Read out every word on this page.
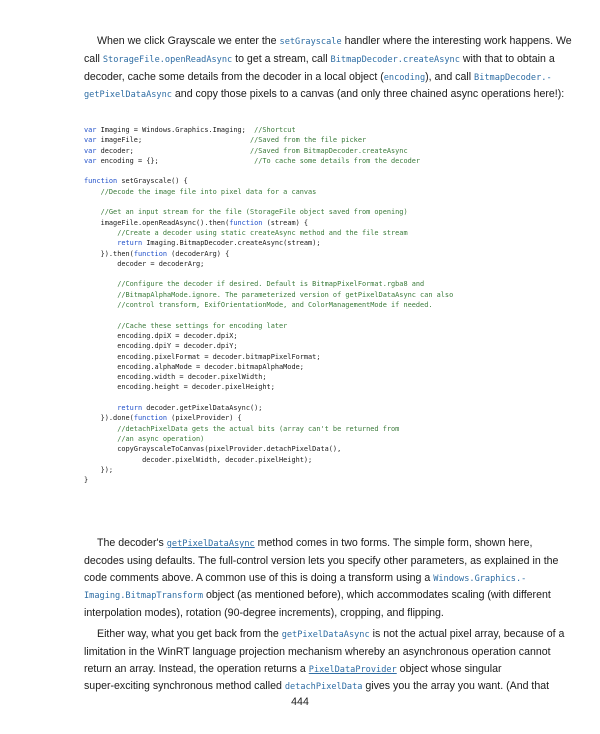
When we click Grayscale we enter the setGrayscale handler where the interesting work happens. We
call StorageFile.openReadAsync to get a stream, call BitmapDecoder.createAsync with that to obtain a
decoder, cache some details from the decoder in a local object (encoding), and call BitmapDecoder.-
getPixelDataAsync and copy those pixels to a canvas (and only three chained async operations here!):
var Imaging = Windows.Graphics.Imaging;  //Shortcut
var imageFile;                          //Saved from the file picker
var decoder;                            //Saved from BitmapDecoder.createAsync
var encoding = {};                       //To cache some details from the decoder
function setGrayscale() {
//Decode the image file into pixel data for a canvas
//Get an input stream for the file (StorageFile object saved from opening)
imageFile.openReadAsync().then(function (stream) {
//Create a decoder using static createAsync method and the file stream
return Imaging.BitmapDecoder.createAsync(stream);
}).then(function (decoderArg) {
decoder = decoderArg;
//Configure the decoder if desired. Default is BitmapPixelFormat.rgba8 and
//BitmapAlphaMode.ignore. The parameterized version of getPixelDataAsync can also
//control transform, ExifOrientationMode, and ColorManagementMode if needed.
//Cache these settings for encoding later
encoding.dpiX = decoder.dpiX;
encoding.dpiY = decoder.dpiY;
encoding.pixelFormat = decoder.bitmapPixelFormat;
encoding.alphaMode = decoder.bitmapAlphaMode;
encoding.width = decoder.pixelWidth;
encoding.height = decoder.pixelHeight;
return decoder.getPixelDataAsync();
}).done(function (pixelProvider) {
//detachPixelData gets the actual bits (array can't be returned from
//an async operation)
copyGrayscaleToCanvas(pixelProvider.detachPixelData(),
decoder.pixelWidth, decoder.pixelHeight);
});
}
The decoder's getPixelDataAsync method comes in two forms. The simple form, shown here,
decodes using defaults. The full-control version lets you specify other parameters, as explained in the
code comments above. A common use of this is doing a transform using a Windows.Graphics.-
Imaging.BitmapTransform object (as mentioned before), which accommodates scaling (with different
interpolation modes), rotation (90-degree increments), cropping, and flipping.
Either way, what you get back from the getPixelDataAsync is not the actual pixel array, because of a
limitation in the WinRT language projection mechanism whereby an asynchronous operation cannot
return an array. Instead, the operation returns a PixelDataProvider object whose singular
super-exciting synchronous method called detachPixelData gives you the array you want. (And that
444
